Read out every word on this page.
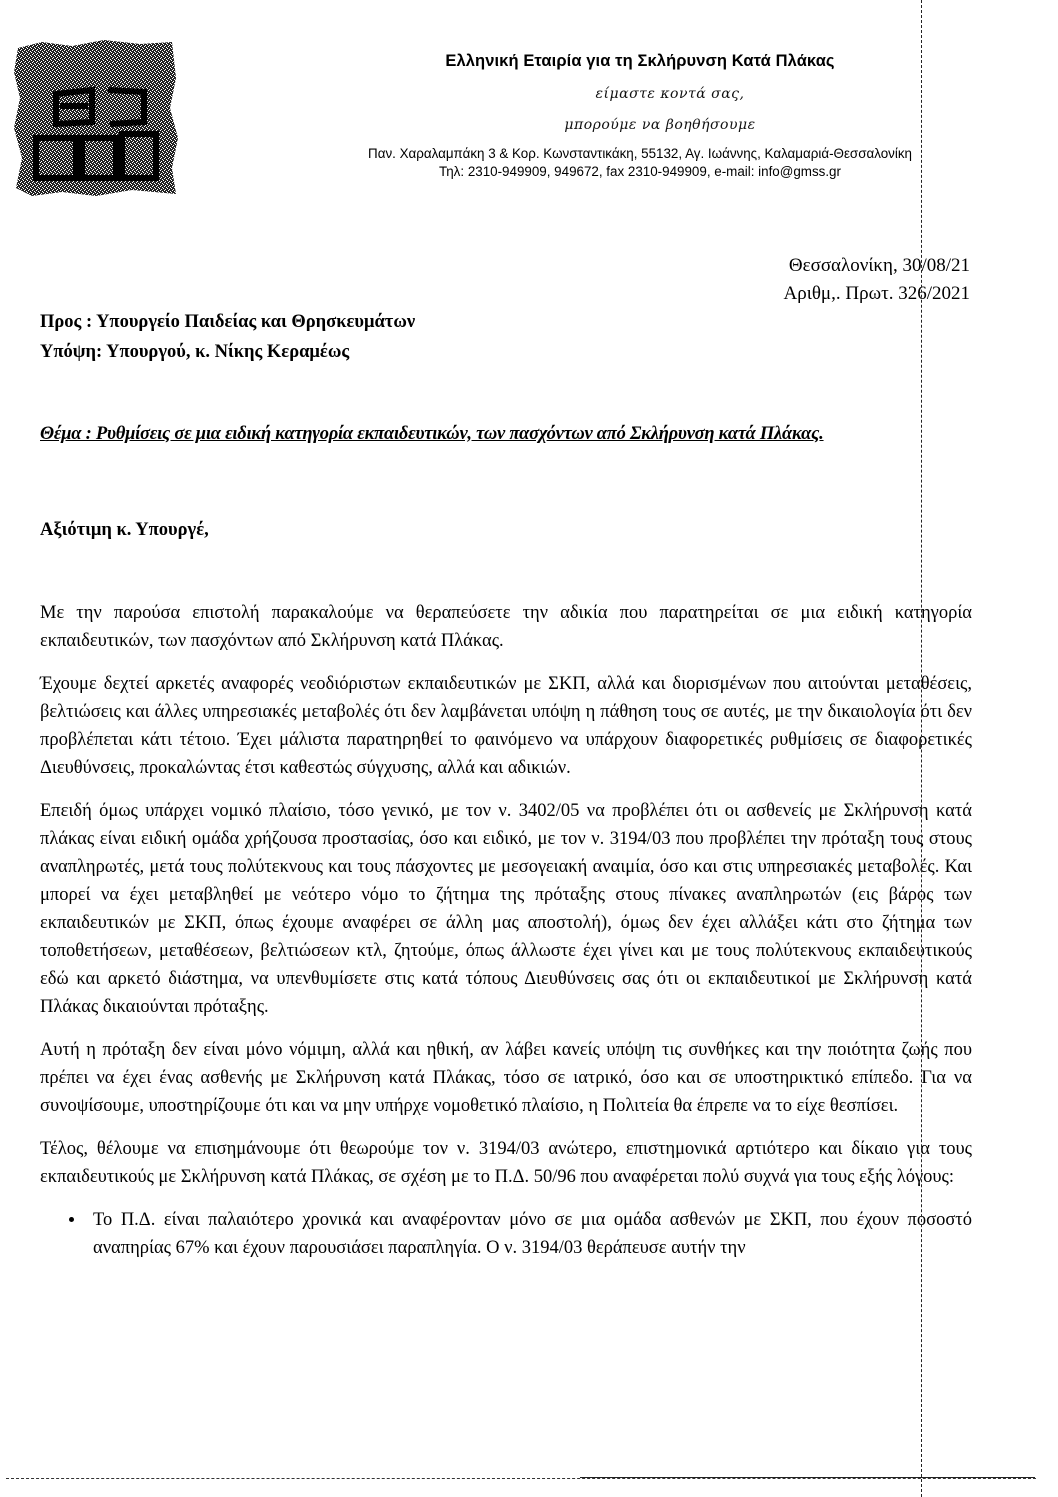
Ελληνική Εταιρία για τη Σκλήρυνση Κατά Πλάκας
είμαστε κοντά σας,
μπορούμε να βοηθήσουμε
Παν. Χαραλαμπάκη 3 & Κορ. Κωνσταντικάκη, 55132, Αγ. Ιωάννης, Καλαμαριά-Θεσσαλονίκη
Τηλ: 2310-949909, 949672, fax 2310-949909, e-mail: info@gmss.gr
Θεσσαλονίκη, 30/08/21
Αριθμ,. Πρωτ. 326/2021
Προς : Υπουργείο Παιδείας και Θρησκευμάτων
Υπόψη: Υπουργού, κ. Νίκης Κεραμέως
Θέμα : Ρυθμίσεις σε μια ειδική κατηγορία εκπαιδευτικών, των πασχόντων από Σκλήρυνση κατά Πλάκας.
Αξιότιμη κ. Υπουργέ,

Με την παρούσα επιστολή παρακαλούμε να θεραπεύσετε την αδικία που παρατηρείται σε μια ειδική κατηγορία εκπαιδευτικών, των πασχόντων από Σκλήρυνση κατά Πλάκας.

Έχουμε δεχτεί αρκετές αναφορές νεοδιόριστων εκπαιδευτικών με ΣΚΠ, αλλά και διορισμένων που αιτούνται μεταθέσεις, βελτιώσεις και άλλες υπηρεσιακές μεταβολές ότι δεν λαμβάνεται υπόψη η πάθηση τους σε αυτές, με την δικαιολογία ότι δεν προβλέπεται κάτι τέτοιο. Έχει μάλιστα παρατηρηθεί το φαινόμενο να υπάρχουν διαφορετικές ρυθμίσεις σε διαφορετικές Διευθύνσεις, προκαλώντας έτσι καθεστώς σύγχυσης, αλλά και αδικιών.

Επειδή όμως υπάρχει νομικό πλαίσιο, τόσο γενικό, με τον ν. 3402/05 να προβλέπει ότι οι ασθενείς με Σκλήρυνση κατά πλάκας είναι ειδική ομάδα χρήζουσα προστασίας, όσο και ειδικό, με τον ν. 3194/03 που προβλέπει την πρόταξη τους στους αναπληρωτές, μετά τους πολύτεκνους και τους πάσχοντες με μεσογειακή αναιμία, όσο και στις υπηρεσιακές μεταβολές. Και μπορεί να έχει μεταβληθεί με νεότερο νόμο το ζήτημα της πρόταξης στους πίνακες αναπληρωτών (εις βάρος των εκπαιδευτικών με ΣΚΠ, όπως έχουμε αναφέρει σε άλλη μας αποστολή), όμως δεν έχει αλλάξει κάτι στο ζήτημα των τοποθετήσεων, μεταθέσεων, βελτιώσεων κτλ, ζητούμε, όπως άλλωστε έχει γίνει και με τους πολύτεκνους εκπαιδευτικούς εδώ και αρκετό διάστημα, να υπενθυμίσετε στις κατά τόπους Διευθύνσεις σας ότι οι εκπαιδευτικοί με Σκλήρυνση κατά Πλάκας δικαιούνται πρόταξης.

Αυτή η πρόταξη δεν είναι μόνο νόμιμη, αλλά και ηθική, αν λάβει κανείς υπόψη τις συνθήκες και την ποιότητα ζωής που πρέπει να έχει ένας ασθενής με Σκλήρυνση κατά Πλάκας, τόσο σε ιατρικό, όσο και σε υποστηρικτικό επίπεδο. Για να συνοψίσουμε, υποστηρίζουμε ότι και να μην υπήρχε νομοθετικό πλαίσιο, η Πολιτεία θα έπρεπε να το είχε θεσπίσει.

Τέλος, θέλουμε να επισημάνουμε ότι θεωρούμε τον ν. 3194/03 ανώτερο, επιστημονικά αρτιότερο και δίκαιο για τους εκπαιδευτικούς με Σκλήρυνση κατά Πλάκας, σε σχέση με το Π.Δ. 50/96 που αναφέρεται πολύ συχνά για τους εξής λόγους:

• Το Π.Δ. είναι παλαιότερο χρονικά και αναφέρονταν μόνο σε μια ομάδα ασθενών με ΣΚΠ, που έχουν ποσοστό αναπηρίας 67% και έχουν παρουσιάσει παραπληγία. Ο ν. 3194/03 θεράπευσε αυτήν την
